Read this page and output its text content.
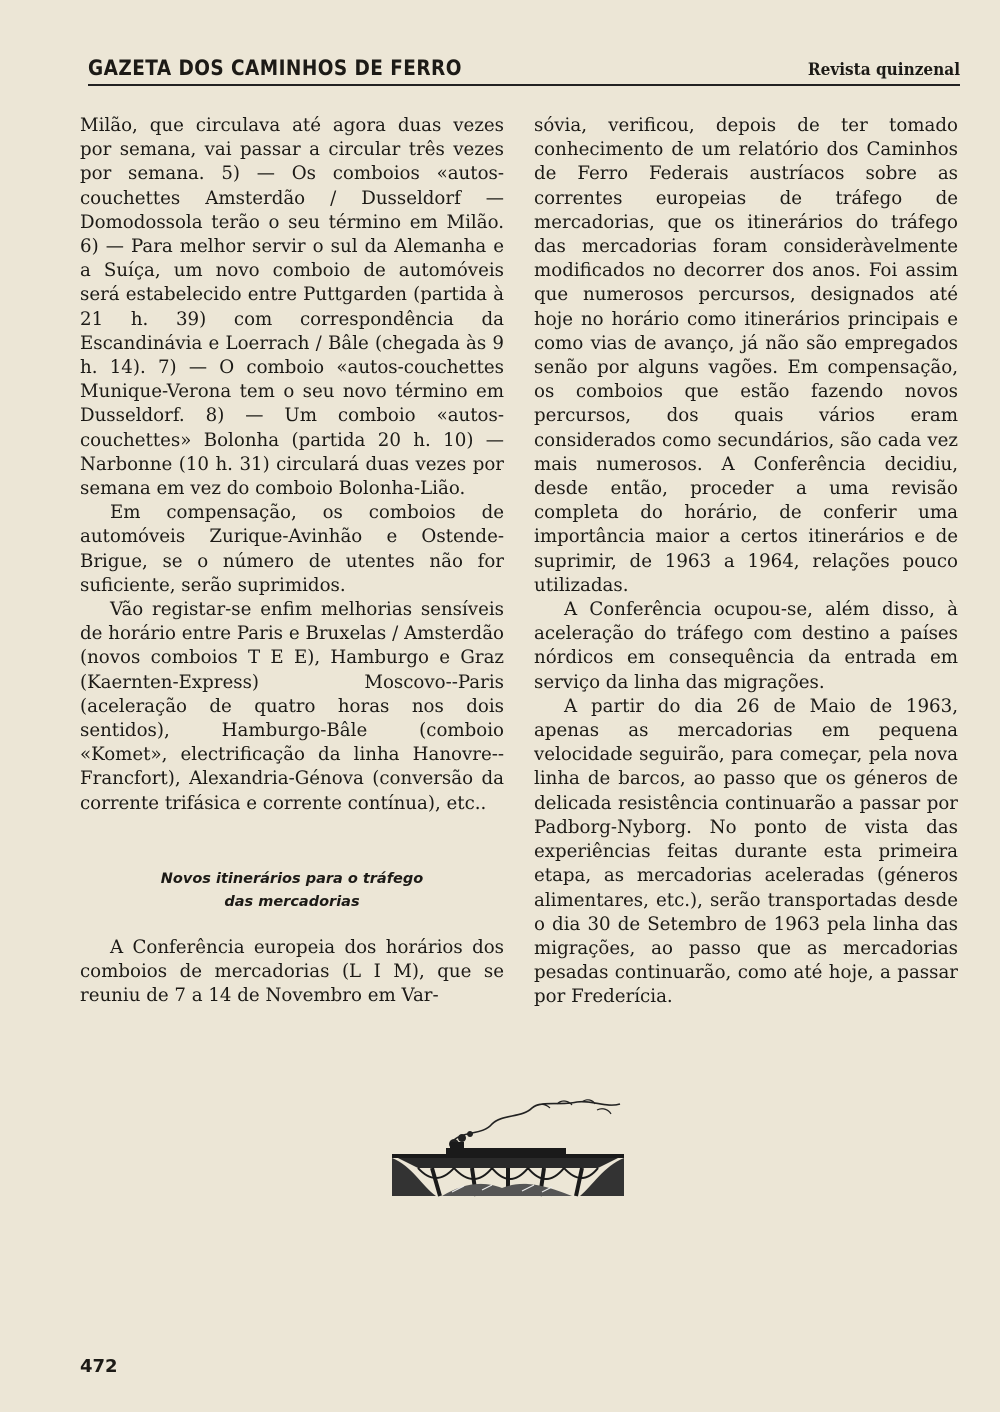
GAZETA DOS CAMINHOS DE FERRO	Revista quinzenal

Milão, que circulava até agora duas vezes por semana, vai passar a circular três vezes por semana. 5) — Os comboios «autos-couchettes Amsterdão / Dusseldorf — Domodossola terão o seu término em Milão. 6) — Para melhor servir o sul da Alemanha e a Suíça, um novo comboio de automóveis será estabelecido entre Puttgarden (partida à 21 h. 39) com correspondência da Escandinávia e Loerrach / Bâle (chegada às 9 h. 14). 7) — O comboio «autos-couchettes Munique-Verona tem o seu novo término em Dusseldorf. 8) — Um comboio «autos-couchettes» Bolonha (partida 20 h. 10) — Narbonne (10 h. 31) circulará duas vezes por semana em vez do comboio Bolonha-Lião.

Em compensação, os comboios de automóveis Zurique-Avinhão e Ostende-Brigue, se o número de utentes não for suficiente, serão suprimidos.

Vão registar-se enfim melhorias sensíveis de horário entre Paris e Bruxelas / Amsterdão (novos comboios T E E), Hamburgo e Graz (Kaernten-Express) Moscovo--Paris (aceleração de quatro horas nos dois sentidos), Hamburgo-Bâle (comboio «Komet», electrificação da linha Hanovre--Francfort), Alexandria-Génova (conversão da corrente trifásica e corrente contínua), etc..

Novos itinerários para o tráfego
das mercadorias

A Conferência europeia dos horários dos comboios de mercadorias (L I M), que se reuniu de 7 a 14 de Novembro em Var-

sóvia, verificou, depois de ter tomado conhecimento de um relatório dos Caminhos de Ferro Federais austríacos sobre as correntes europeias de tráfego de mercadorias, que os itinerários do tráfego das mercadorias foram consideràvelmente modificados no decorrer dos anos. Foi assim que numerosos percursos, designados até hoje no horário como itinerários principais e como vias de avanço, já não são empregados senão por alguns vagões. Em compensação, os comboios que estão fazendo novos percursos, dos quais vários eram considerados como secundários, são cada vez mais numerosos. A Conferência decidiu, desde então, proceder a uma revisão completa do horário, de conferir uma importância maior a certos itinerários e de suprimir, de 1963 a 1964, relações pouco utilizadas.

A Conferência ocupou-se, além disso, à aceleração do tráfego com destino a países nórdicos em consequência da entrada em serviço da linha das migrações.

A partir do dia 26 de Maio de 1963, apenas as mercadorias em pequena velocidade seguirão, para começar, pela nova linha de barcos, ao passo que os géneros de delicada resistência continuarão a passar por Padborg-Nyborg. No ponto de vista das experiências feitas durante esta primeira etapa, as mercadorias aceleradas (géneros alimentares, etc.), serão transportadas desde o dia 30 de Setembro de 1963 pela linha das migrações, ao passo que as mercadorias pesadas continuarão, como até hoje, a passar por Frederícia.

472
